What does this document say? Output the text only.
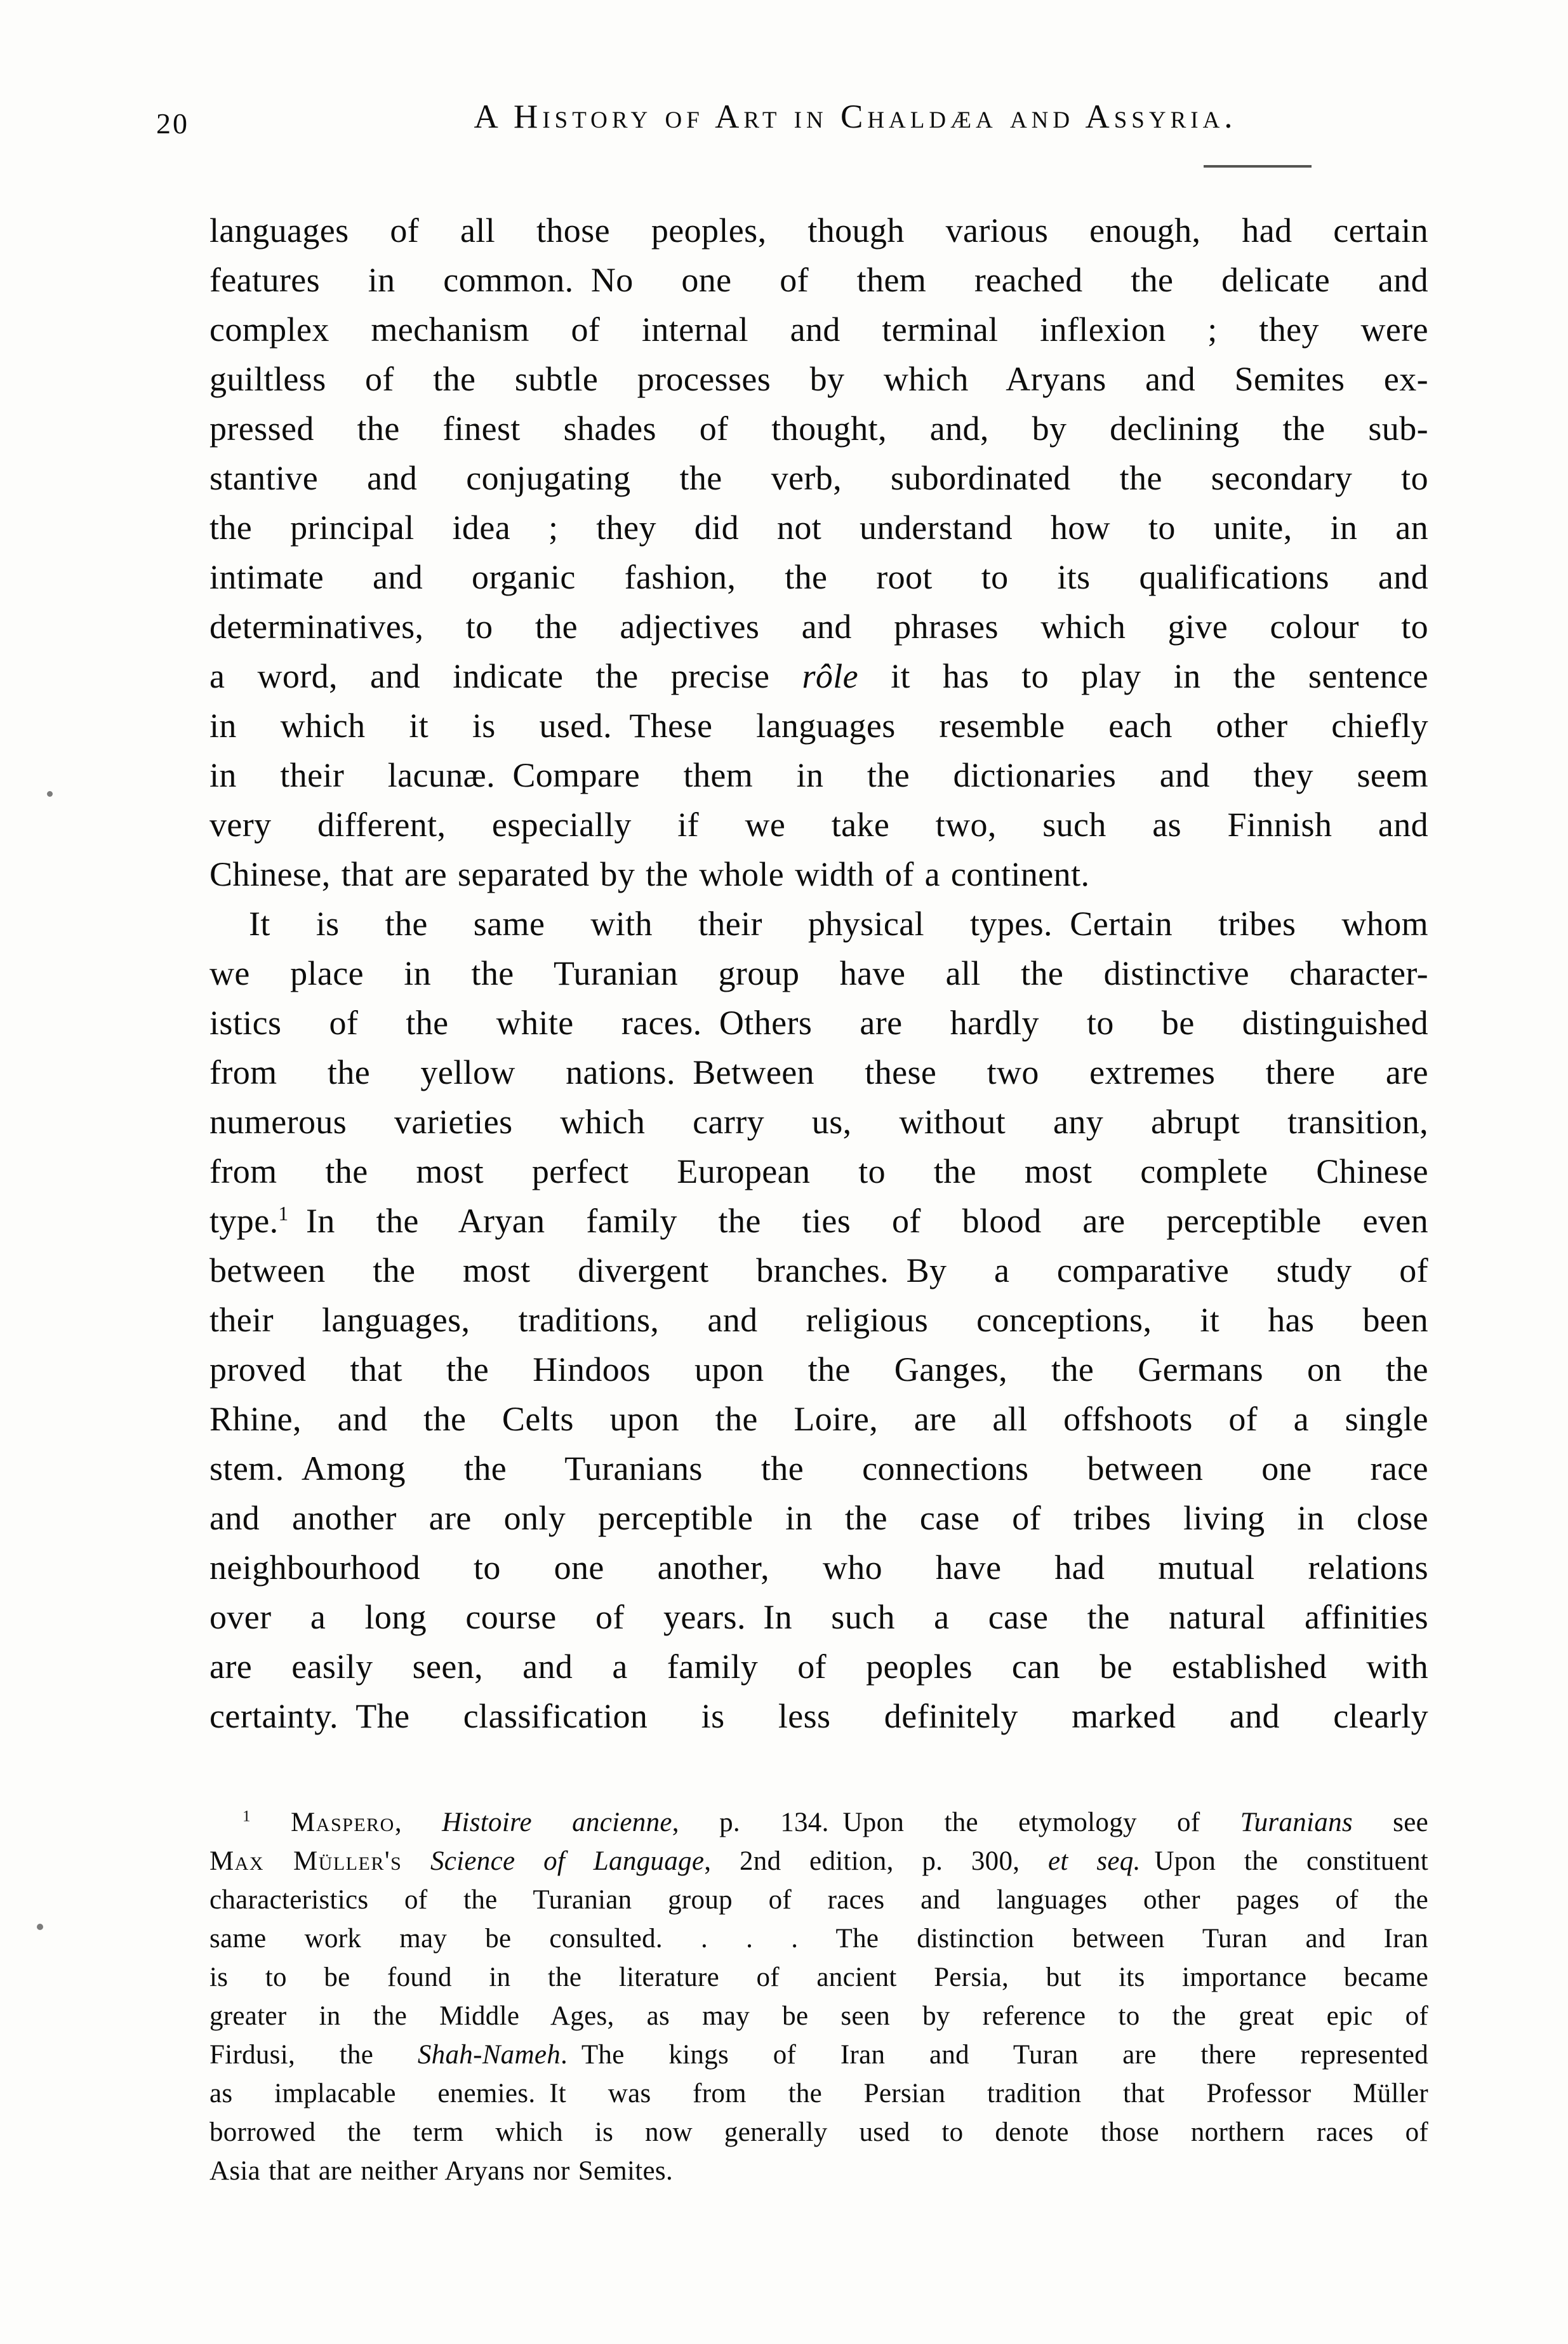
20	A History of Art in Chaldæa and Assyria.
languages of all those peoples, though various enough, had certain
features in common. No one of them reached the delicate and
complex mechanism of internal and terminal inflexion ; they were
guiltless of the subtle processes by which Aryans and Semites ex-
pressed the finest shades of thought, and, by declining the sub-
stantive and conjugating the verb, subordinated the secondary to
the principal idea ; they did not understand how to unite, in an
intimate and organic fashion, the root to its qualifications and
determinatives, to the adjectives and phrases which give colour to
a word, and indicate the precise rôle it has to play in the sentence
in which it is used. These languages resemble each other chiefly
in their lacunæ. Compare them in the dictionaries and they seem
very different, especially if we take two, such as Finnish and
Chinese, that are separated by the whole width of a continent.
It is the same with their physical types. Certain tribes whom
we place in the Turanian group have all the distinctive character-
istics of the white races. Others are hardly to be distinguished
from the yellow nations. Between these two extremes there are
numerous varieties which carry us, without any abrupt transition,
from the most perfect European to the most complete Chinese
type.$^1$ In the Aryan family the ties of blood are perceptible even
between the most divergent branches. By a comparative study of
their languages, traditions, and religious conceptions, it has been
proved that the Hindoos upon the Ganges, the Germans on the
Rhine, and the Celts upon the Loire, are all offshoots of a single
stem. Among the Turanians the connections between one race
and another are only perceptible in the case of tribes living in close
neighbourhood to one another, who have had mutual relations
over a long course of years. In such a case the natural affinities
are easily seen, and a family of peoples can be established with
certainty. The classification is less definitely marked and clearly
$^1$ Maspero, Histoire ancienne, p. 134. Upon the etymology of Turanians see
Max Müller's Science of Language, 2nd edition, p. 300, et seq. Upon the constituent
characteristics of the Turanian group of races and languages other pages of the
same work may be consulted. . . . The distinction between Turan and Iran
is to be found in the literature of ancient Persia, but its importance became
greater in the Middle Ages, as may be seen by reference to the great epic of
Firdusi, the Shah-Nameh. The kings of Iran and Turan are there represented
as implacable enemies. It was from the Persian tradition that Professor Müller
borrowed the term which is now generally used to denote those northern races of
Asia that are neither Aryans nor Semites.
